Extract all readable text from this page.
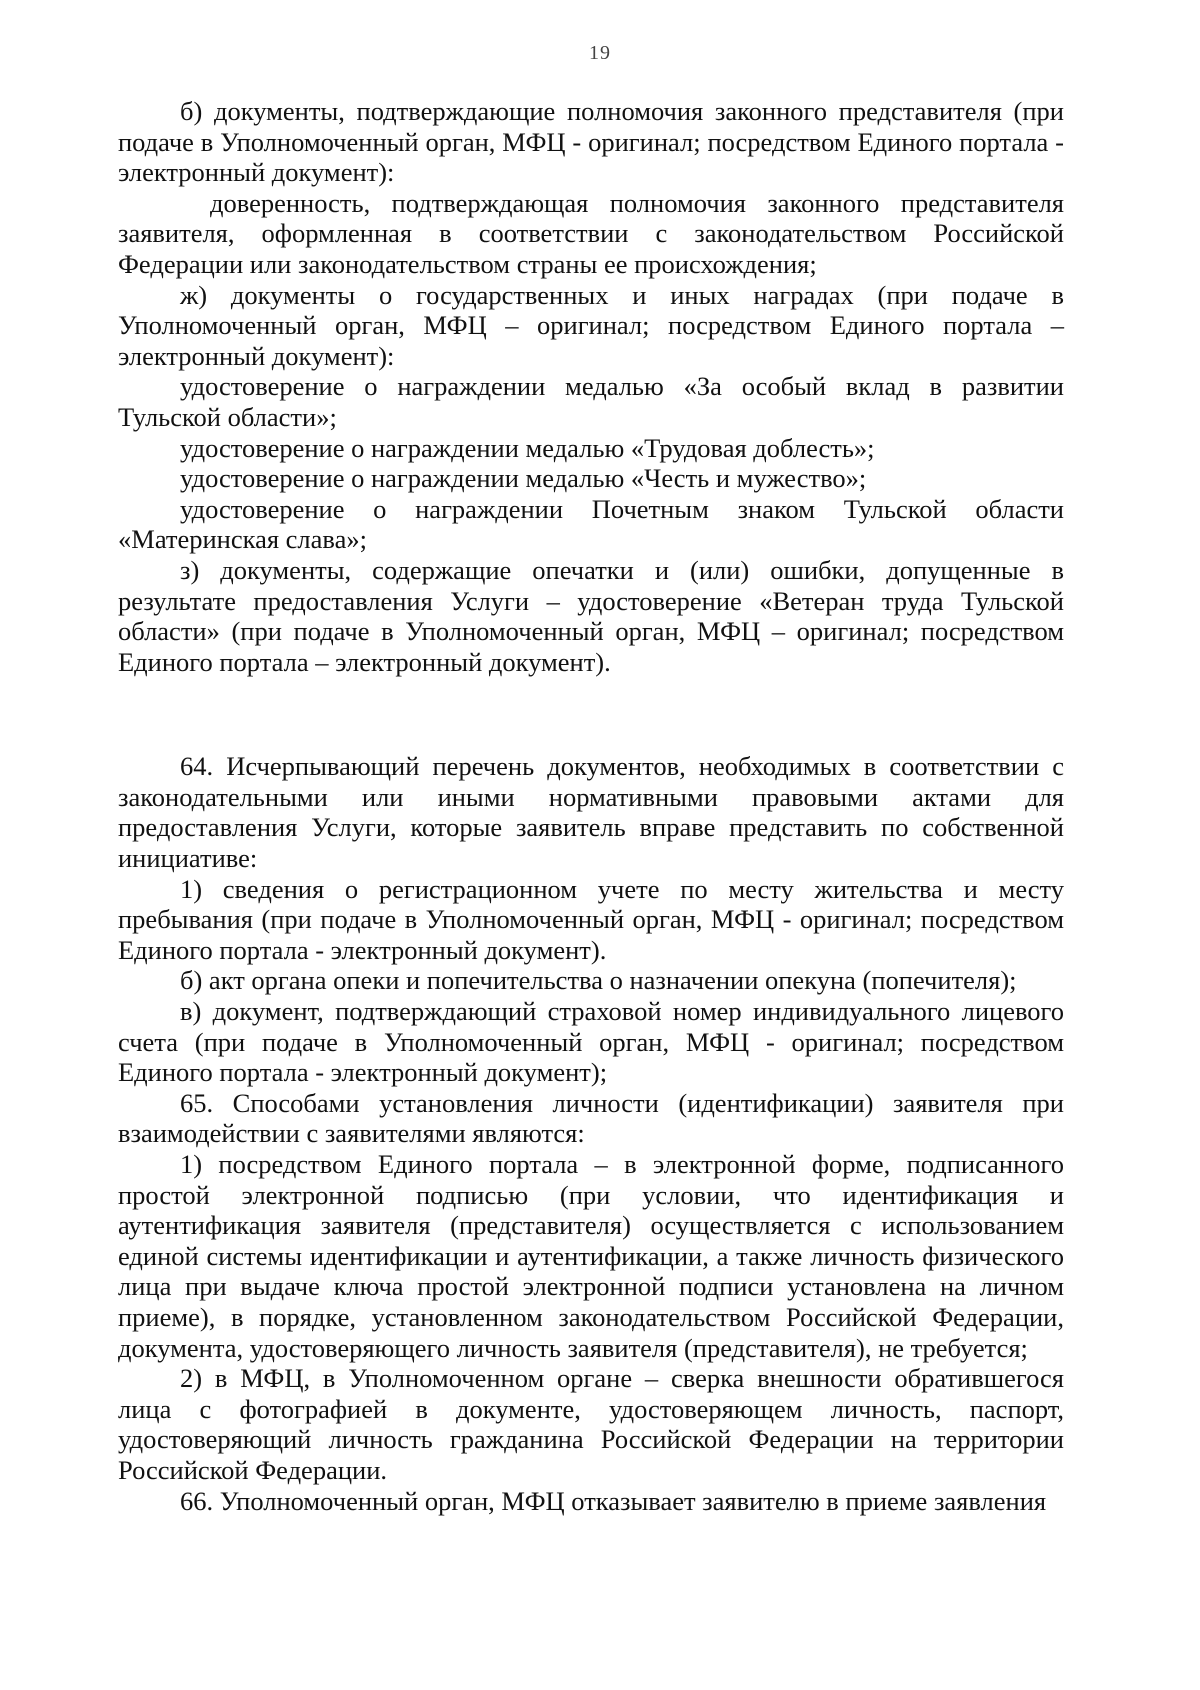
19

б) документы, подтверждающие полномочия законного представителя (при подаче в Уполномоченный орган, МФЦ - оригинал; посредством Единого портала - электронный документ):

доверенность, подтверждающая полномочия законного представителя заявителя, оформленная в соответствии с законодательством Российской Федерации или законодательством страны ее происхождения;

ж) документы о государственных и иных наградах (при подаче в Уполномоченный орган, МФЦ – оригинал; посредством Единого портала – электронный документ):

удостоверение о награждении медалью «За особый вклад в развитии Тульской области»;

удостоверение о награждении медалью «Трудовая доблесть»;

удостоверение о награждении медалью «Честь и мужество»;

удостоверение о награждении Почетным знаком Тульской области «Материнская слава»;

з) документы, содержащие опечатки и (или) ошибки, допущенные в результате предоставления Услуги – удостоверение «Ветеран труда Тульской области» (при подаче в Уполномоченный орган, МФЦ – оригинал; посредством Единого портала – электронный документ).

64. Исчерпывающий перечень документов, необходимых в соответствии с законодательными или иными нормативными правовыми актами для предоставления Услуги, которые заявитель вправе представить по собственной инициативе:

1) сведения о регистрационном учете по месту жительства и месту пребывания (при подаче в Уполномоченный орган, МФЦ - оригинал; посредством Единого портала - электронный документ).

б) акт органа опеки и попечительства о назначении опекуна (попечителя);

в) документ, подтверждающий страховой номер индивидуального лицевого счета (при подаче в Уполномоченный орган, МФЦ - оригинал; посредством Единого портала - электронный документ);

65. Способами установления личности (идентификации) заявителя при взаимодействии с заявителями являются:

1) посредством Единого портала – в электронной форме, подписанного простой электронной подписью (при условии, что идентификация и аутентификация заявителя (представителя) осуществляется с использованием единой системы идентификации и аутентификации, а также личность физического лица при выдаче ключа простой электронной подписи установлена на личном приеме), в порядке, установленном законодательством Российской Федерации, документа, удостоверяющего личность заявителя (представителя), не требуется;

2) в МФЦ, в Уполномоченном органе – сверка внешности обратившегося лица с фотографией в документе, удостоверяющем личность, паспорт, удостоверяющий личность гражданина Российской Федерации на территории Российской Федерации.

66. Уполномоченный орган, МФЦ отказывает заявителю в приеме заявления
